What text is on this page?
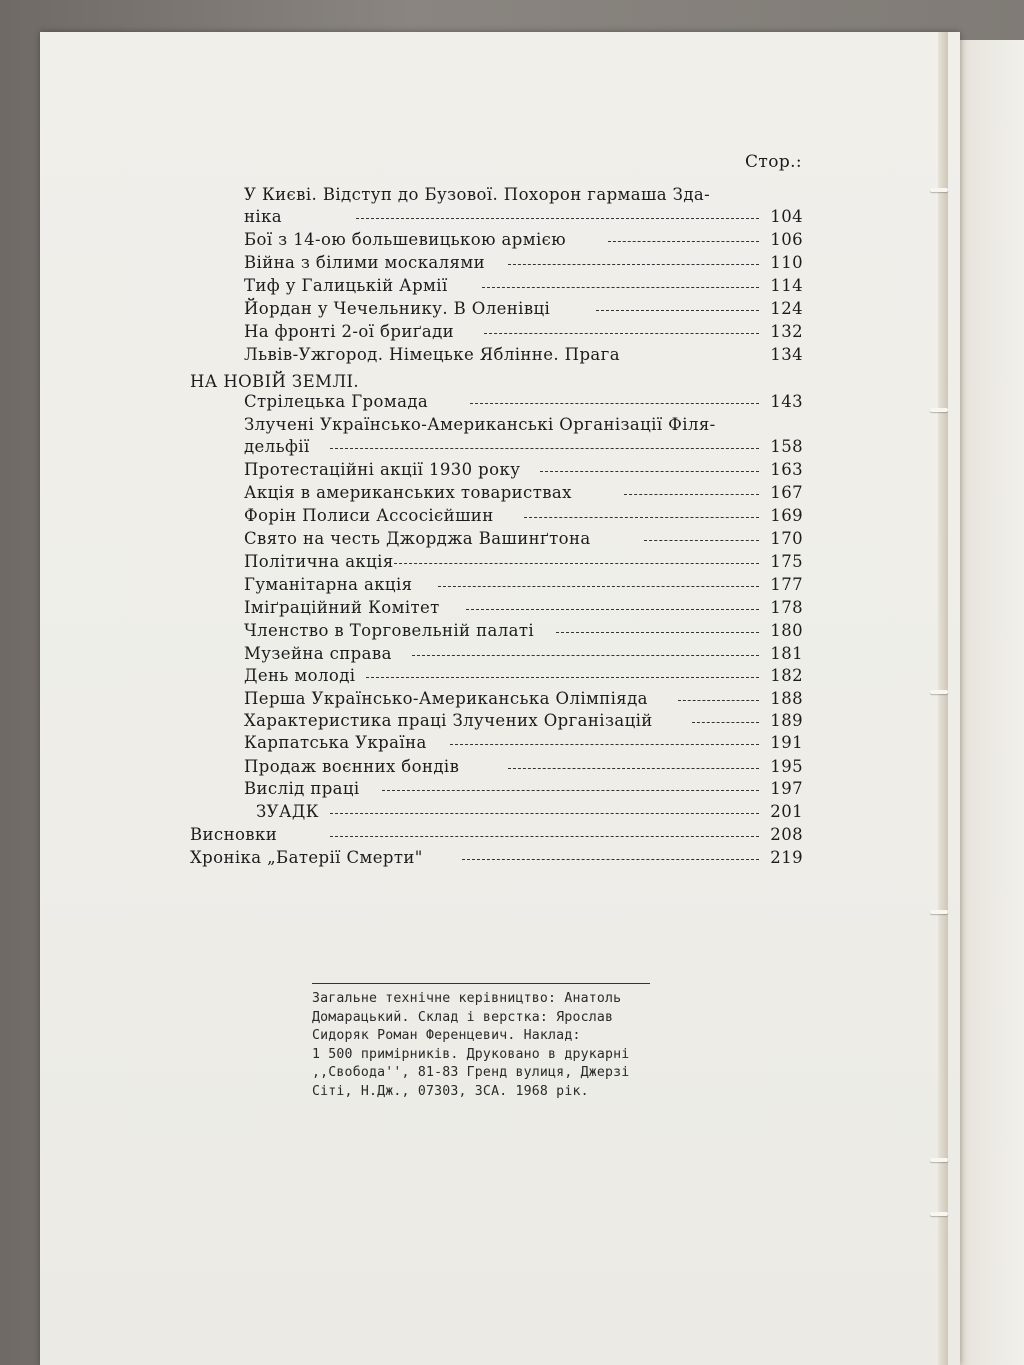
Стор.:
У Києві. Відступ до Бузової. Похорон гармаша Зда-
ніка	104
Бої з 14-ою большевицькою армією	106
Війна з білими москалями	110
Тиф у Галицькій Армії	114
Йордан у Чечельнику. В Оленівці	124
На фронті 2-ої бриґади	132
Львів-Ужгород. Німецьке Яблінне. Прага	134
НА НОВІЙ ЗЕМЛІ.
Стрілецька Громада	143
Злучені Українсько-Американські Організації Філя-
дельфії	158
Протестаційні акції 1930 року	163
Акція в американських товариствах	167
Форін Полиси Ассосієйшин	169
Свято на честь Джорджа Вашинґтона	170
Політична акція	175
Гуманітарна акція	177
Іміґраційний Комітет	178
Членство в Торговельній палаті	180
Музейна справа	181
День молоді	182
Перша Українсько-Американська Олімпіяда	188
Характеристика праці Злучених Організацій	189
Карпатська Україна	191
Продаж воєнних бондів	195
Вислід праці	197
ЗУАДК	201
Висновки	208
Хроніка „Батерії Смерти"	219
Загальне технічне керівництво: Анатоль
Домарацький. Склад і верстка: Ярослав
Сидоряк Роман Ференцевич. Наклад:
1 500 примірників. Друковано в друкарні
,,Свобода'', 81-83 Гренд вулиця, Джерзі
Сіті, Н.Дж., 07303, ЗСА. 1968 рік.
